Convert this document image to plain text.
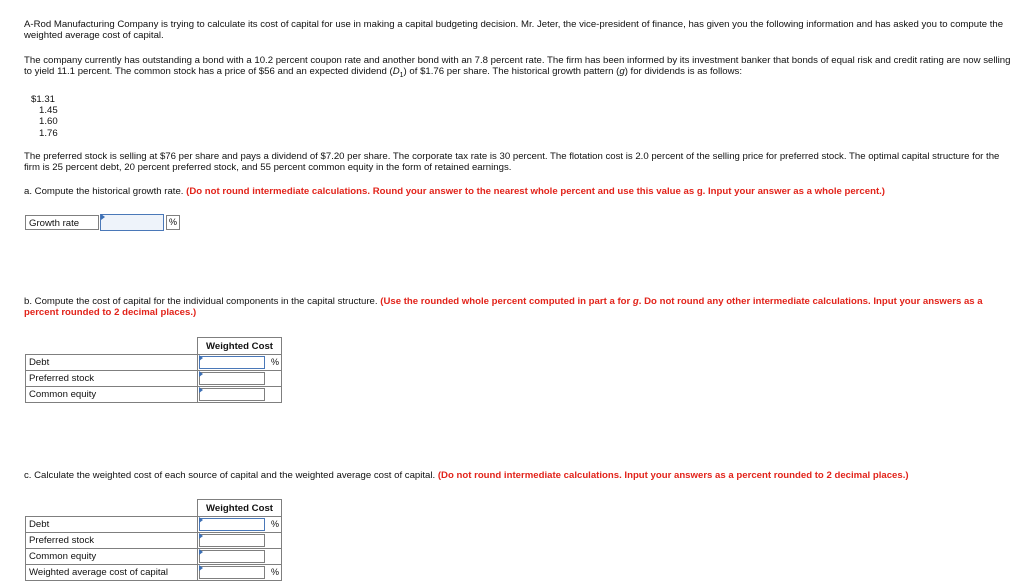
A-Rod Manufacturing Company is trying to calculate its cost of capital for use in making a capital budgeting decision. Mr. Jeter, the vice-president of finance, has given you the following information and has asked you to compute the weighted average cost of capital.
The company currently has outstanding a bond with a 10.2 percent coupon rate and another bond with an 7.8 percent rate. The firm has been informed by its investment banker that bonds of equal risk and credit rating are now selling to yield 11.1 percent. The common stock has a price of $56 and an expected dividend $(D_1)$ of $1.76 per share. The historical growth pattern (g) for dividends is as follows:
$1.31
1.45
1.60
1.76
The preferred stock is selling at $76 per share and pays a dividend of $7.20 per share. The corporate tax rate is 30 percent. The flotation cost is 2.0 percent of the selling price for preferred stock. The optimal capital structure for the firm is 25 percent debt, 20 percent preferred stock, and 55 percent common equity in the form of retained earnings.
a. Compute the historical growth rate. (Do not round intermediate calculations. Round your answer to the nearest whole percent and use this value as g. Input your answer as a whole percent.)
Growth rate	%
b. Compute the cost of capital for the individual components in the capital structure. (Use the rounded whole percent computed in part a for g. Do not round any other intermediate calculations. Input your answers as a percent rounded to 2 decimal places.)
	Weighted Cost
Debt	%

Preferred stock	

Common equity	
c. Calculate the weighted cost of each source of capital and the weighted average cost of capital. (Do not round intermediate calculations. Input your answers as a percent rounded to 2 decimal places.)
	Weighted Cost
Debt	%

Preferred stock	

Common equity	

Weighted average cost of capital	%
